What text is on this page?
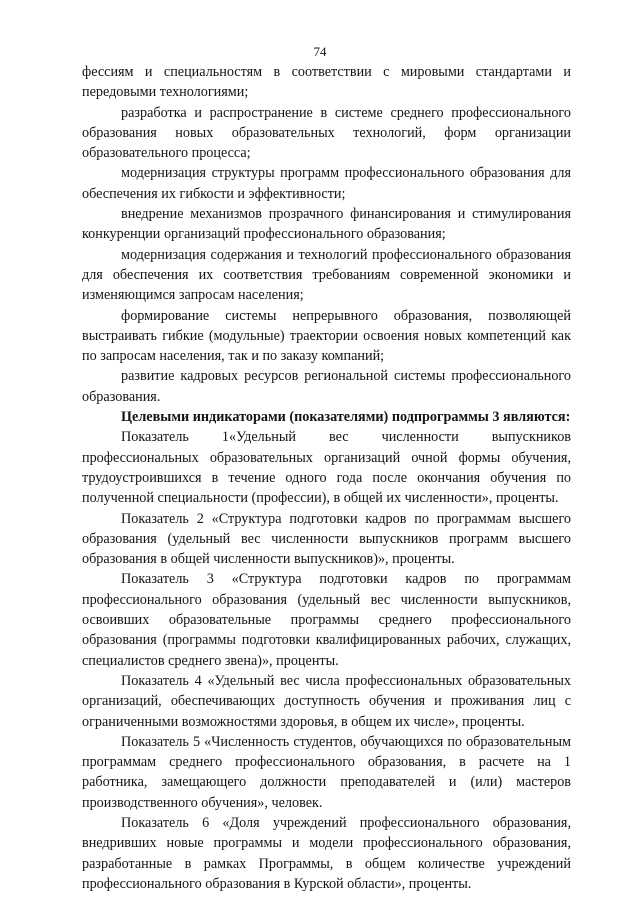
74

фессиям и специальностям в соответствии с мировыми стандартами и передовыми технологиями;

разработка и распространение в системе среднего профессионального образования новых образовательных технологий, форм организации образовательного процесса;

модернизация структуры программ профессионального образования для обеспечения их гибкости и эффективности;

внедрение механизмов прозрачного финансирования и стимулирования конкуренции организаций профессионального образования;

модернизация содержания и технологий профессионального образования для обеспечения их соответствия требованиям современной экономики и изменяющимся запросам населения;

формирование системы непрерывного образования, позволяющей выстраивать гибкие (модульные) траектории освоения новых компетенций как по запросам населения, так и по заказу компаний;

развитие кадровых ресурсов региональной системы профессионального образования.

Целевыми индикаторами (показателями) подпрограммы 3 являются:

Показатель 1«Удельный вес численности выпускников профессиональных образовательных организаций очной формы обучения, трудоустроившихся в течение одного года после окончания обучения по полученной специальности (профессии), в общей их численности», проценты.

Показатель 2 «Структура подготовки кадров по программам высшего образования (удельный вес численности выпускников программ высшего образования в общей численности выпускников)», проценты.

Показатель 3 «Структура подготовки кадров по программам профессионального образования (удельный вес численности выпускников, освоивших образовательные программы среднего профессионального образования (программы подготовки квалифицированных рабочих, служащих, специалистов среднего звена)», проценты.

Показатель 4 «Удельный вес числа профессиональных образовательных организаций, обеспечивающих доступность обучения и проживания лиц с ограниченными возможностями здоровья, в общем их числе», проценты.

Показатель 5 «Численность студентов, обучающихся по образовательным программам среднего профессионального образования, в расчете на 1 работника, замещающего должности преподавателей и (или) мастеров производственного обучения», человек.

Показатель 6 «Доля учреждений профессионального образования, внедривших новые программы и модели профессионального образования, разработанные в рамках Программы, в общем количестве учреждений профессионального образования в Курской области», проценты.
